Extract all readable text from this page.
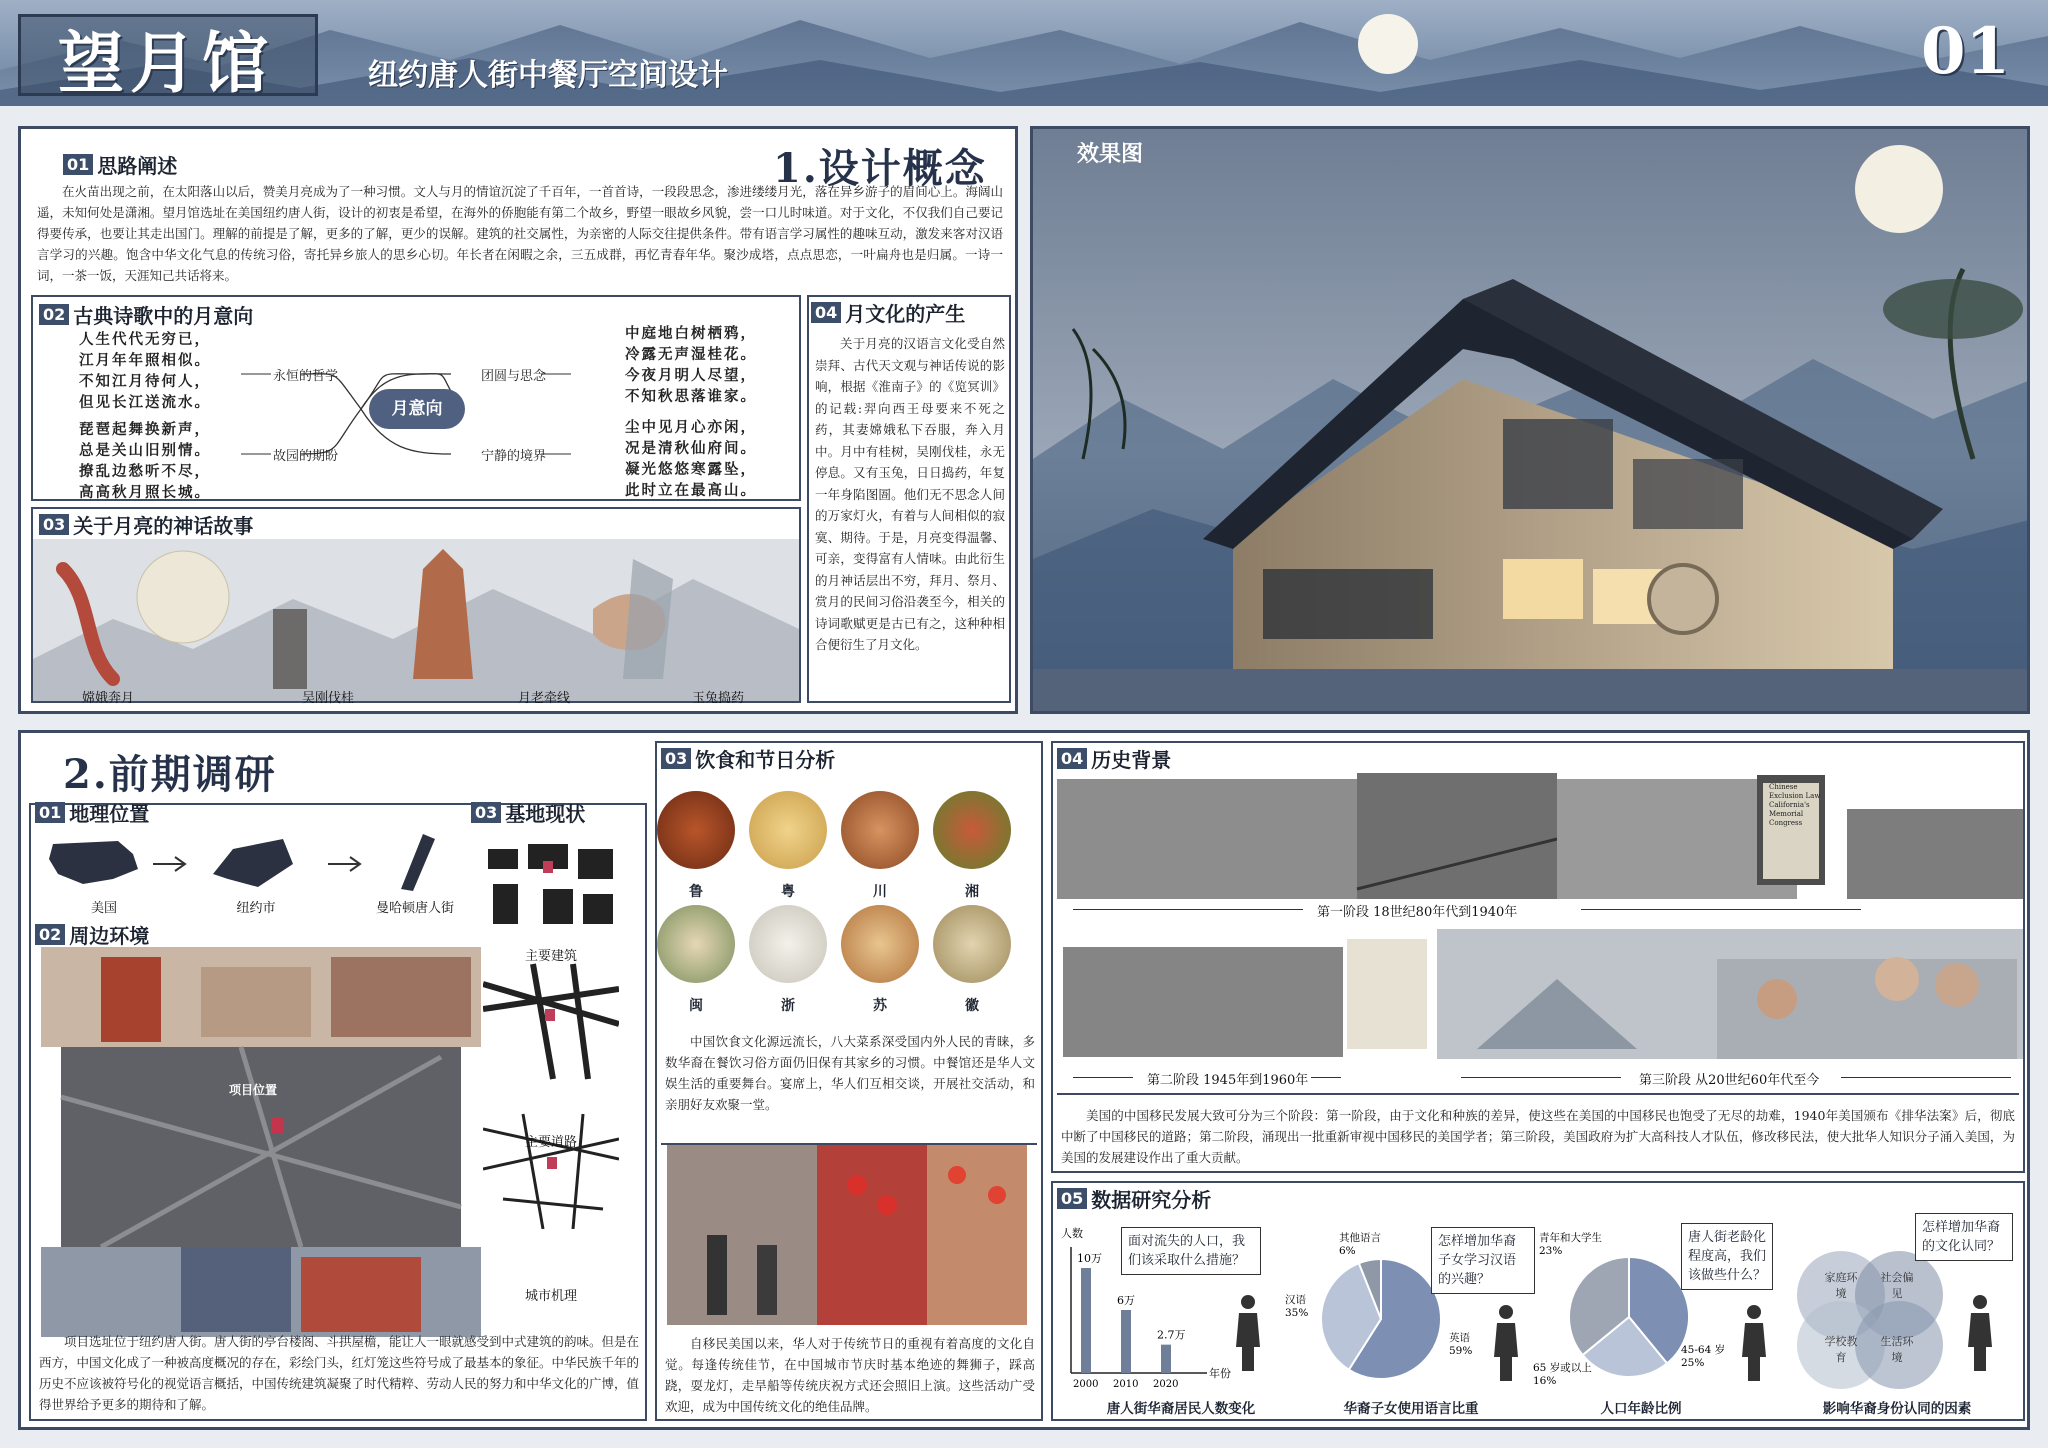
望月馆	纽约唐人街中餐厅空间设计	01
1.设计概念
01 思路阐述
在火苗出现之前，在太阳落山以后，赞美月亮成为了一种习惯。文人与月的情谊沉淀了千百年，一首首诗，一段段思念，渗进缕缕月光，落在异乡游子的眉间心上。海阔山遥，未知何处是潇湘。望月馆选址在美国纽约唐人街，设计的初衷是希望，在海外的侨胞能有第二个故乡，野望一眼故乡风貌，尝一口儿时味道。对于文化，不仅我们自己要记得要传承，也要让其走出国门。理解的前提是了解，更多的了解，更少的误解。建筑的社交属性，为亲密的人际交往提供条件。带有语言学习属性的趣味互动，激发来客对汉语言学习的兴趣。饱含中华文化气息的传统习俗，寄托异乡旅人的思乡心切。年长者在闲暇之余，三五成群，再忆青春年华。聚沙成塔，点点思恋，一叶扁舟也是归属。一诗一词，一茶一饭，天涯知己共话将来。
02 古典诗歌中的月意向
人生代代无穷已，
江月年年照相似。
不知江月待何人，
但见长江送流水。
琵琶起舞换新声，
总是关山旧别情。
撩乱边愁听不尽，
高高秋月照长城。
中庭地白树栖鸦，
冷露无声湿桂花。
今夜月明人尽望，
不知秋思落谁家。
尘中见月心亦闲，
况是清秋仙府间。
凝光悠悠寒露坠，
此时立在最高山。
月意向
永恒的哲学	团圆与思念
故园的期盼	宁静的境界
03 关于月亮的神话故事
嫦娥奔月	吴刚伐桂	月老牵线	玉兔捣药
04 月文化的产生
关于月亮的汉语言文化受自然崇拜、古代天文观与神话传说的影响，根据《淮南子》的《览冥训》的记载:羿向西王母要来不死之药，其妻嫦娥私下吞服，奔入月中。月中有桂树，吴刚伐桂，永无停息。又有玉兔，日日捣药，年复一年身陷图圄。他们无不思念人间的万家灯火，有着与人间相似的寂寞、期待。于是，月亮变得温馨、可亲，变得富有人情味。由此衍生的月神话层出不穷，拜月、祭月、赏月的民间习俗沿袭至今，相关的诗词歌赋更是古已有之，这种种相合便衍生了月文化。
效果图
2.前期调研
01 地理位置
美国	纽约市	曼哈顿唐人街
02 周边环境
项目位置
项目选址位于纽约唐人街。唐人街的亭台楼阁、斗拱屋檐，能让人一眼就感受到中式建筑的韵味。但是在西方，中国文化成了一种被高度概况的存在，彩绘门头，红灯笼这些符号成了最基本的象征。中华民族千年的历史不应该被符号化的视觉语言概括，中国传统建筑凝聚了时代精粹、劳动人民的努力和中华文化的广博，值得世界给予更多的期待和了解。
03 基地现状
主要建筑
主要道路
城市机理
03 饮食和节日分析
鲁	粤	川	湘
闽	浙	苏	徽
中国饮食文化源远流长，八大菜系深受国内外人民的青睐，多数华裔在餐饮习俗方面仍旧保有其家乡的习惯。中餐馆还是华人文娱生活的重要舞台。宴席上，华人们互相交谈，开展社交活动，和亲朋好友欢聚一堂。
自移民美国以来，华人对于传统节日的重视有着高度的文化自觉。每逢传统佳节，在中国城市节庆时基本绝迹的舞狮子，踩高跷，耍龙灯，走旱船等传统庆祝方式还会照旧上演。这些活动广受欢迎，成为中国传统文化的绝佳品牌。
04 历史背景
Chinese Exclusion Law
California's
Memorial
Congress
第一阶段 18世纪80年代到1940年
第二阶段 1945年到1960年	第三阶段 从20世纪60年代至今
美国的中国移民发展大致可分为三个阶段：第一阶段，由于文化和种族的差异，使这些在美国的中国移民也饱受了无尽的劫难，1940年美国颁布《排华法案》后，彻底中断了中国移民的道路；第二阶段，涌现出一批重新审视中国移民的美国学者；第三阶段，美国政府为扩大高科技人才队伍，修改移民法，使大批华人知识分子涌入美国，为美国的发展建设作出了重大贡献。
05 数据研究分析
人数
年份
10万
2000
6万
2010
2.7万
2020
面对流失的人口，我们该采取什么措施？
唐人街华裔居民人数变化
英语
59%
汉语
35%
其他语言
6%
怎样增加华裔子女学习汉语的兴趣？
华裔子女使用语言比重
45-64 岁
25%
65 岁或以上
16%
青年和大学生
23%
唐人街老龄化程度高，我们该做些什么？
人口年龄比例
家庭环境
社会偏见
学校教育
生活环境
怎样增加华裔的文化认同？
影响华裔身份认同的因素
